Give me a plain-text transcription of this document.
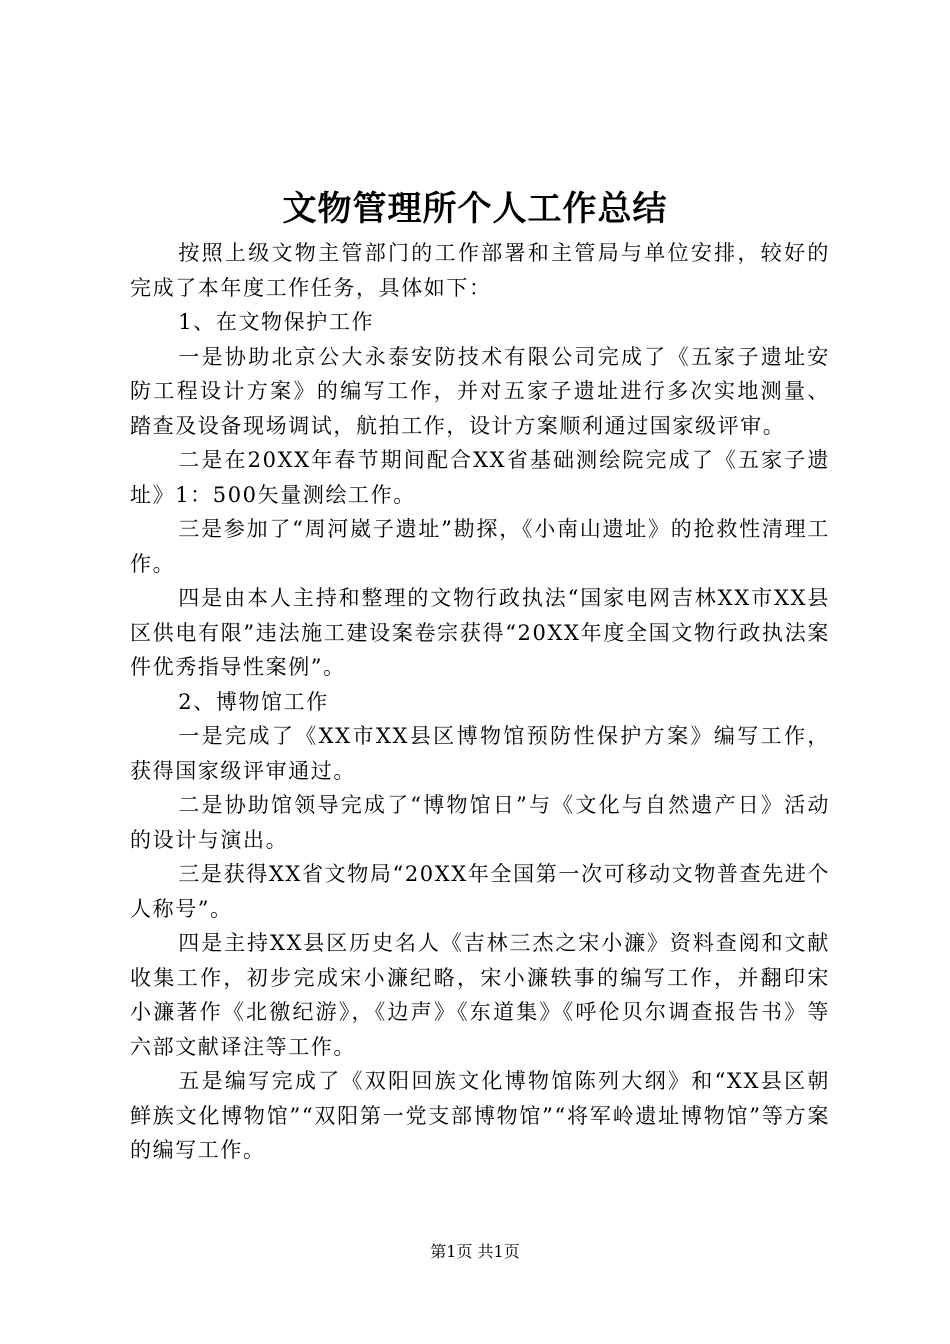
文物管理所个人工作总结

按照上级文物主管部门的工作部署和主管局与单位安排，较好的完成了本年度工作任务，具体如下：

1、在文物保护工作

一是协助北京公大永泰安防技术有限公司完成了《五家子遗址安防工程设计方案》的编写工作，并对五家子遗址进行多次实地测量、踏查及设备现场调试，航拍工作，设计方案顺利通过国家级评审。

二是在20XX年春节期间配合XX省基础测绘院完成了《五家子遗址》1：500矢量测绘工作。

三是参加了“周河崴子遗址”勘探，《小南山遗址》的抢救性清理工作。

四是由本人主持和整理的文物行政执法“国家电网吉林XX市XX县区供电有限”违法施工建设案卷宗获得“20XX年度全国文物行政执法案件优秀指导性案例”。

2、博物馆工作

一是完成了《XX市XX县区博物馆预防性保护方案》编写工作，获得国家级评审通过。

二是协助馆领导完成了“博物馆日”与《文化与自然遗产日》活动的设计与演出。

三是获得XX省文物局“20XX年全国第一次可移动文物普查先进个人称号”。

四是主持XX县区历史名人《吉林三杰之宋小濂》资料查阅和文献收集工作，初步完成宋小濂纪略，宋小濂轶事的编写工作，并翻印宋小濂著作《北徼纪游》，《边声》《东道集》《呼伦贝尔调查报告书》等六部文献译注等工作。

五是编写完成了《双阳回族文化博物馆陈列大纲》和“XX县区朝鲜族文化博物馆”“双阳第一党支部博物馆”“将军岭遗址博物馆”等方案的编写工作。

第1页 共1页
